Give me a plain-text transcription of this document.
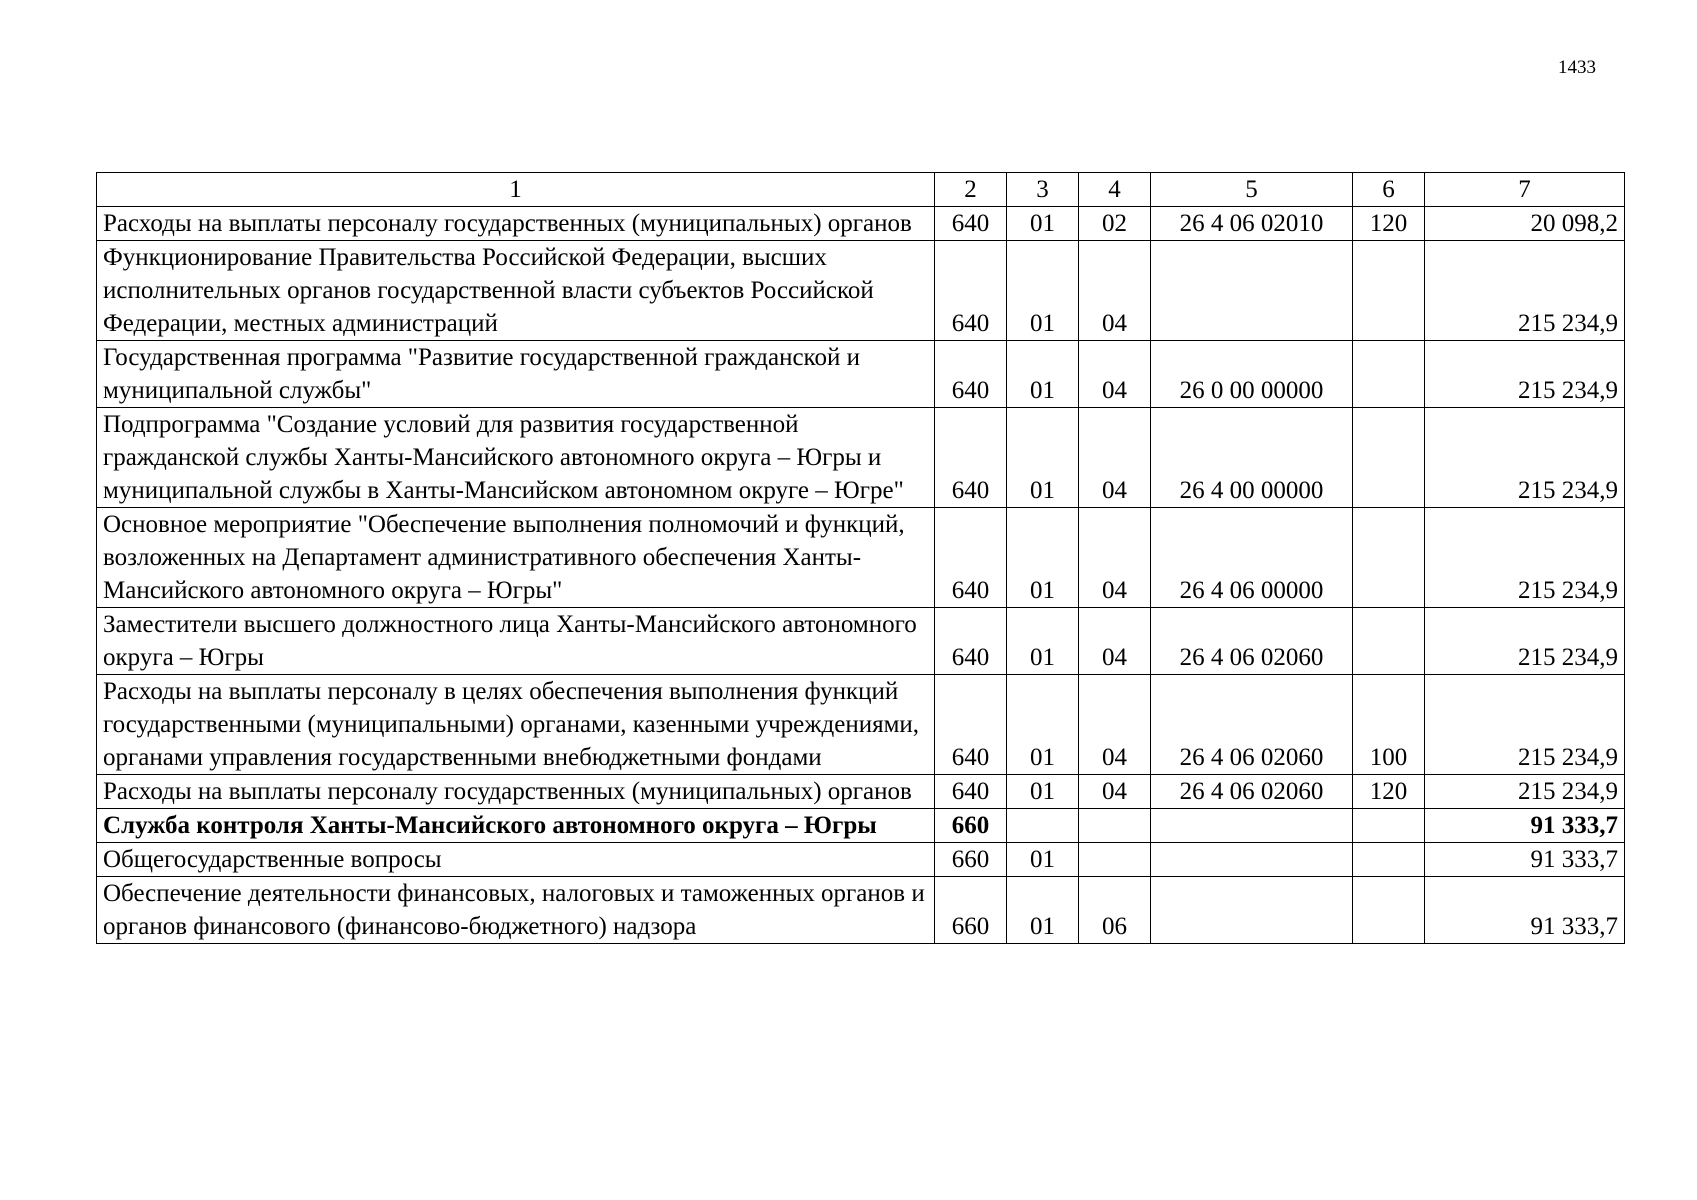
1433
1	2	3	4	5	6	7
Расходы на выплаты персоналу государственных (муниципальных) органов	640	01	02	26 4 06 02010	120	20 098,2
Функционирование Правительства Российской Федерации, высших исполнительных органов государственной власти субъектов Российской Федерации, местных администраций	640	01	04			215 234,9
Государственная программа "Развитие государственной гражданской и муниципальной службы"	640	01	04	26 0 00 00000		215 234,9
Подпрограмма "Создание условий для развития государственной гражданской службы Ханты-Мансийского автономного округа – Югры и муниципальной службы в Ханты-Мансийском автономном округе – Югре"	640	01	04	26 4 00 00000		215 234,9
Основное мероприятие "Обеспечение выполнения полномочий и функций, возложенных на Департамент административного обеспечения Ханты-Мансийского автономного округа – Югры"	640	01	04	26 4 06 00000		215 234,9
Заместители высшего должностного лица Ханты-Мансийского автономного округа – Югры	640	01	04	26 4 06 02060		215 234,9
Расходы на выплаты персоналу в целях обеспечения выполнения функций государственными (муниципальными) органами, казенными учреждениями, органами управления государственными внебюджетными фондами	640	01	04	26 4 06 02060	100	215 234,9
Расходы на выплаты персоналу государственных (муниципальных) органов	640	01	04	26 4 06 02060	120	215 234,9
Служба контроля Ханты-Мансийского автономного округа – Югры	660					91 333,7
Общегосударственные вопросы	660	01				91 333,7
Обеспечение деятельности финансовых, налоговых и таможенных органов и органов финансового (финансово-бюджетного) надзора	660	01	06			91 333,7
